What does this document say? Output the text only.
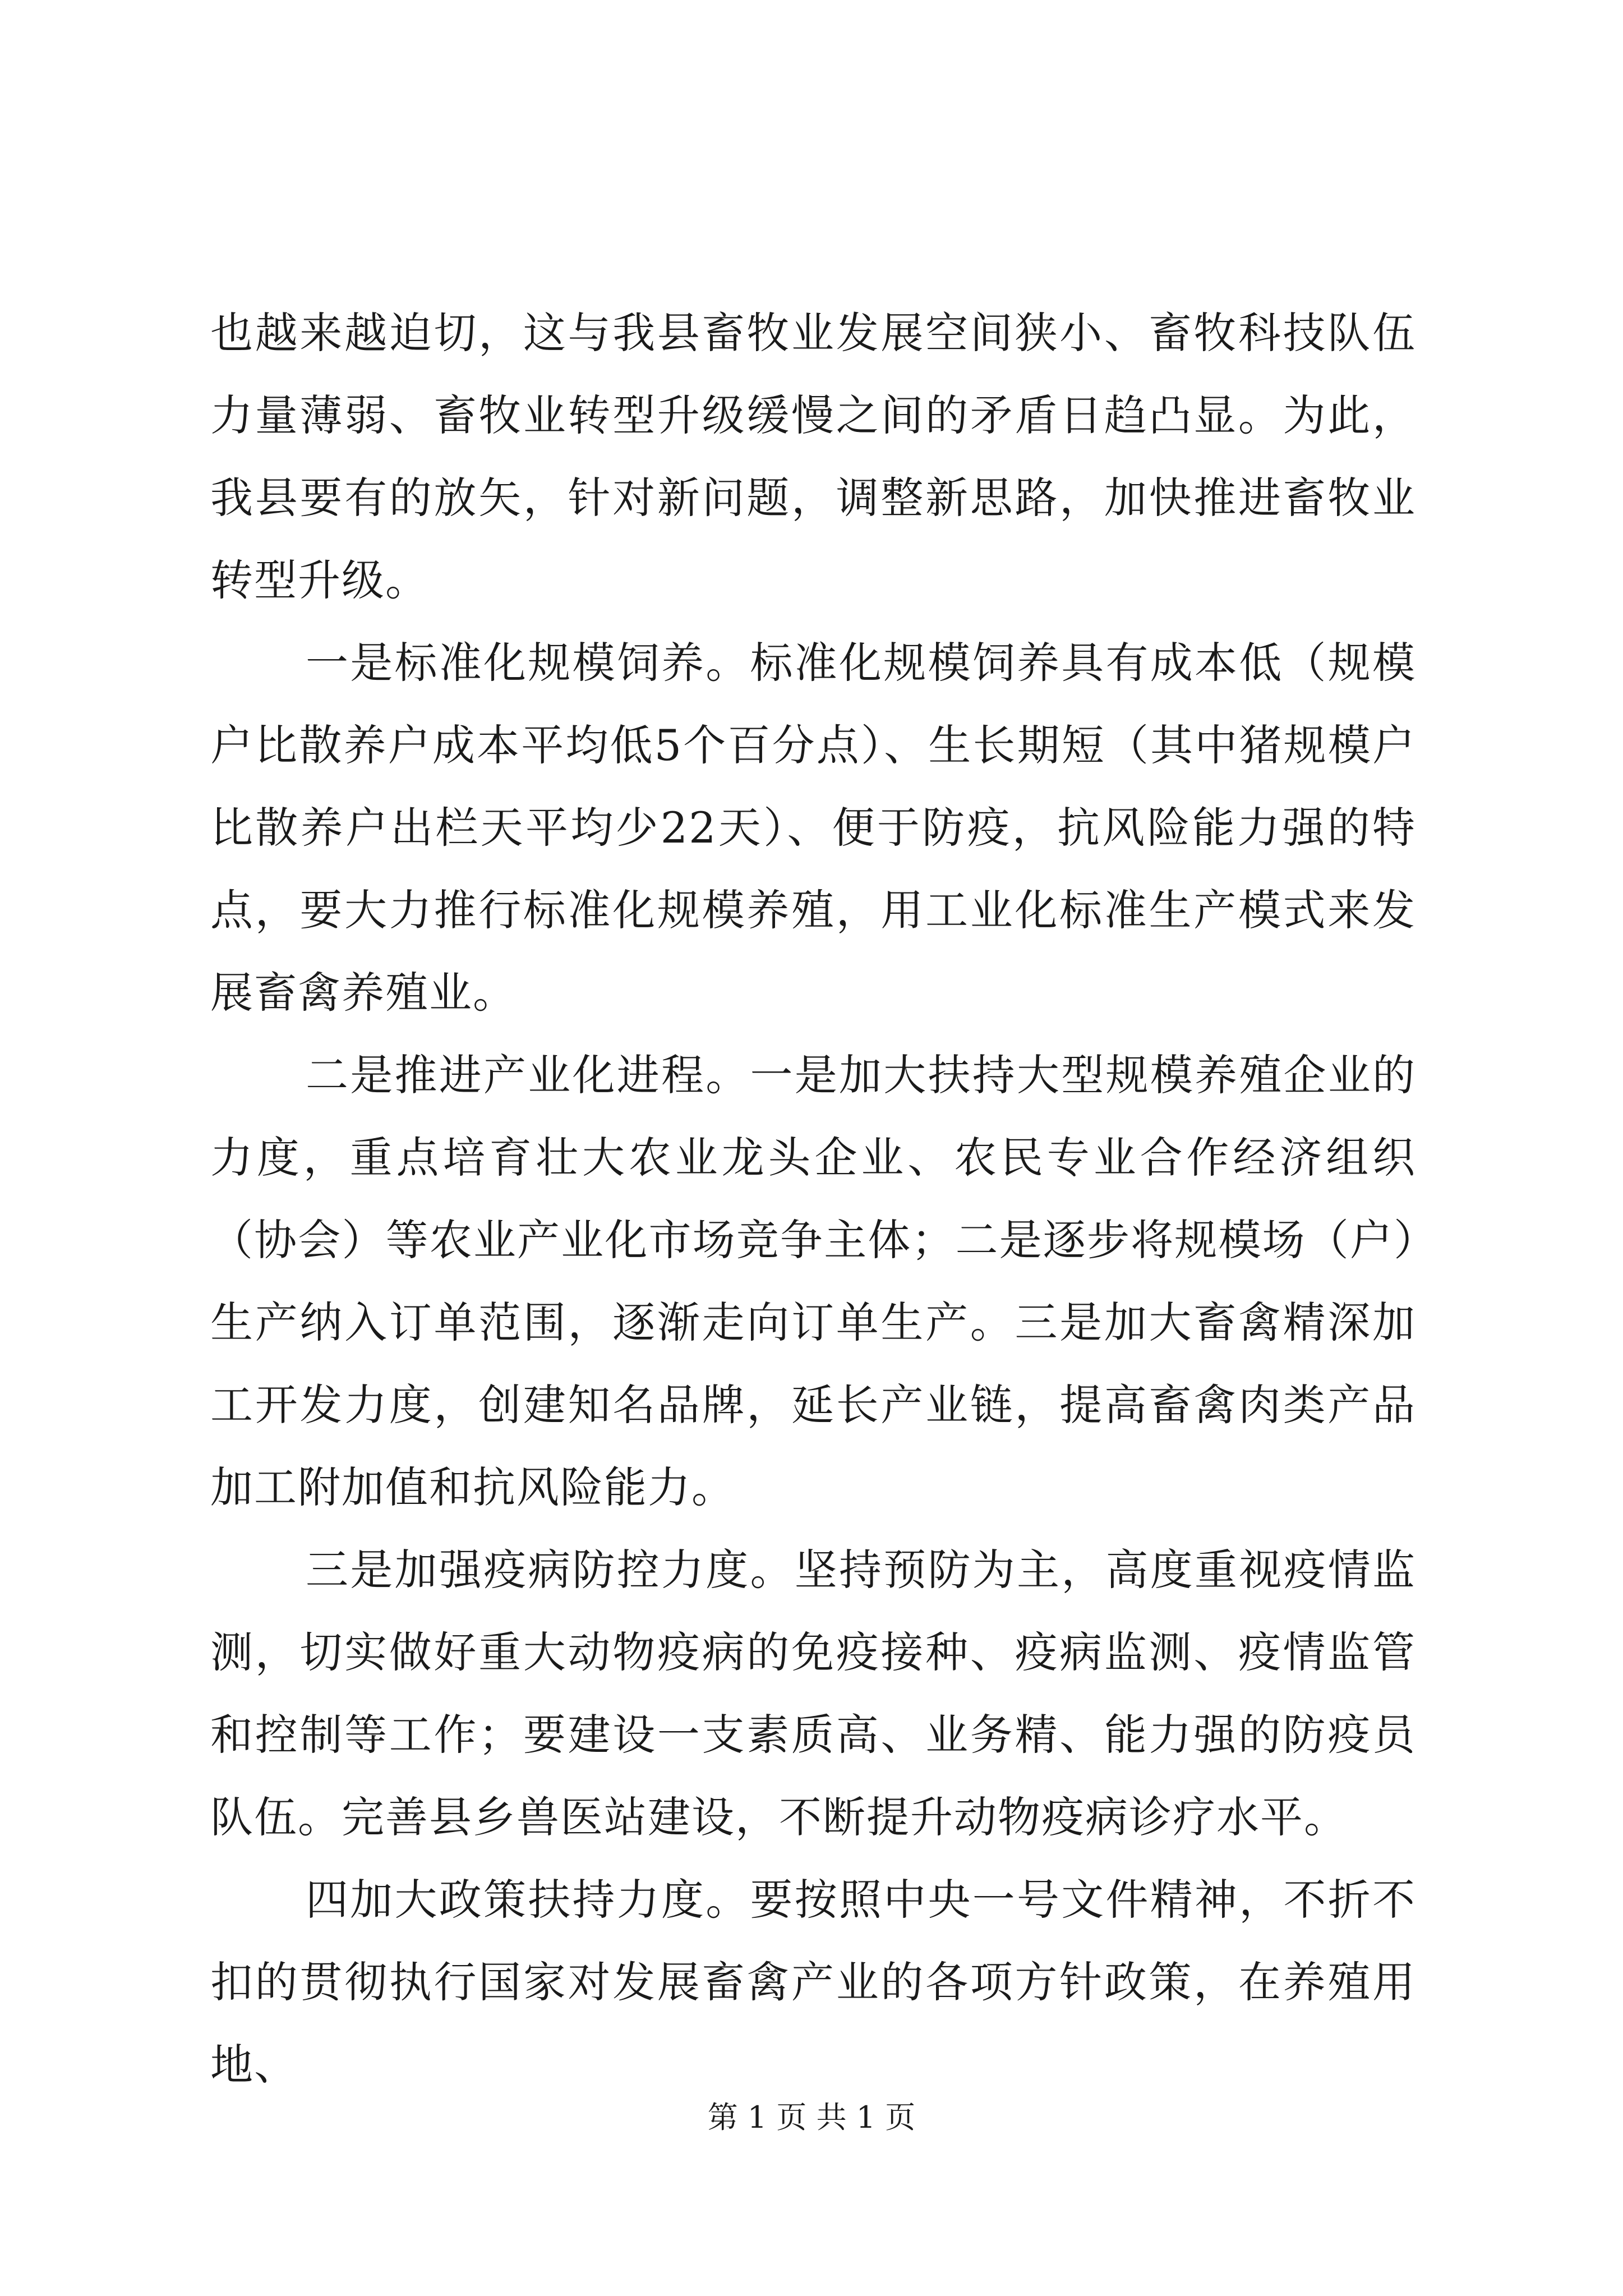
也越来越迫切，这与我县畜牧业发展空间狭小、畜牧科技队伍力量薄弱、畜牧业转型升级缓慢之间的矛盾日趋凸显。为此，我县要有的放矢，针对新问题，调整新思路，加快推进畜牧业转型升级。

一是标准化规模饲养。标准化规模饲养具有成本低（规模户比散养户成本平均低5个百分点）、生长期短（其中猪规模户比散养户出栏天平均少22天）、便于防疫，抗风险能力强的特点，要大力推行标准化规模养殖，用工业化标准生产模式来发展畜禽养殖业。

二是推进产业化进程。一是加大扶持大型规模养殖企业的力度，重点培育壮大农业龙头企业、农民专业合作经济组织（协会）等农业产业化市场竞争主体；二是逐步将规模场（户）生产纳入订单范围，逐渐走向订单生产。三是加大畜禽精深加工开发力度，创建知名品牌，延长产业链，提高畜禽肉类产品加工附加值和抗风险能力。

三是加强疫病防控力度。坚持预防为主，高度重视疫情监测，切实做好重大动物疫病的免疫接种、疫病监测、疫情监管和控制等工作；要建设一支素质高、业务精、能力强的防疫员队伍。完善县乡兽医站建设，不断提升动物疫病诊疗水平。

四加大政策扶持力度。要按照中央一号文件精神，不折不扣的贯彻执行国家对发展畜禽产业的各项方针政策，在养殖用地、

第 1 页 共 1 页
